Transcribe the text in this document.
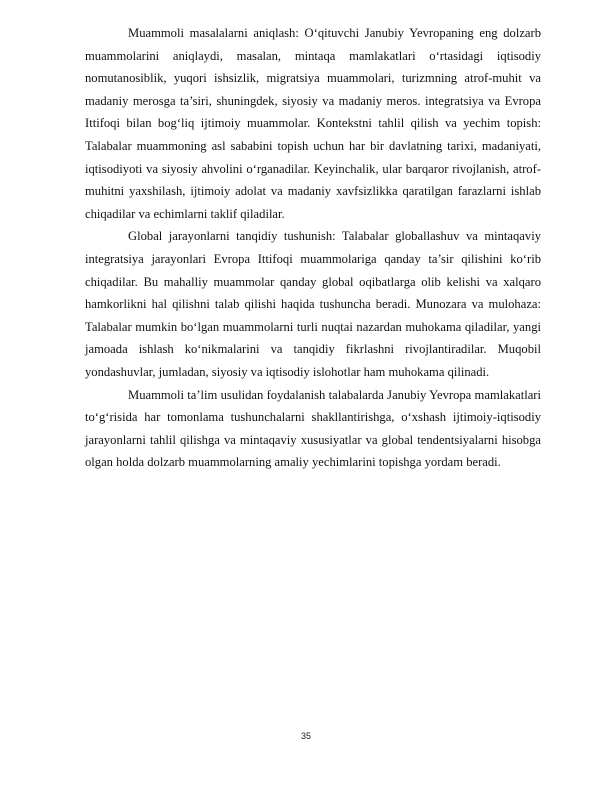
Muammoli masalalarni aniqlash: O‘qituvchi Janubiy Yevropaning eng dolzarb muammolarini aniqlaydi, masalan, mintaqa mamlakatlari o‘rtasidagi iqtisodiy nomutanosiblik, yuqori ishsizlik, migratsiya muammolari, turizmning atrof-muhit va madaniy merosga ta’siri, shuningdek, siyosiy va madaniy meros. integratsiya va Evropa Ittifoqi bilan bog‘liq ijtimoiy muammolar. Kontekstni tahlil qilish va yechim topish: Talabalar muammoning asl sababini topish uchun har bir davlatning tarixi, madaniyati, iqtisodiyoti va siyosiy ahvolini o‘rganadilar. Keyinchalik, ular barqaror rivojlanish, atrof-muhitni yaxshilash, ijtimoiy adolat va madaniy xavfsizlikka qaratilgan farazlarni ishlab chiqadilar va echimlarni taklif qiladilar.

Global jarayonlarni tanqidiy tushunish: Talabalar globallashuv va mintaqaviy integratsiya jarayonlari Evropa Ittifoqi muammolariga qanday ta’sir qilishini ko‘rib chiqadilar. Bu mahalliy muammolar qanday global oqibatlarga olib kelishi va xalqaro hamkorlikni hal qilishni talab qilishi haqida tushuncha beradi. Munozara va mulohaza: Talabalar mumkin bo‘lgan muammolarni turli nuqtai nazardan muhokama qiladilar, yangi jamoada ishlash ko‘nikmalarini va tanqidiy fikrlashni rivojlantiradilar. Muqobil yondashuvlar, jumladan, siyosiy va iqtisodiy islohotlar ham muhokama qilinadi.

Muammoli ta’lim usulidan foydalanish talabalarda Janubiy Yevropa mamlakatlari to‘g‘risida har tomonlama tushunchalarni shakllantirishga, o‘xshash ijtimoiy-iqtisodiy jarayonlarni tahlil qilishga va mintaqaviy xususiyatlar va global tendentsiyalarni hisobga olgan holda dolzarb muammolarning amaliy yechimlarini topishga yordam beradi.

35
